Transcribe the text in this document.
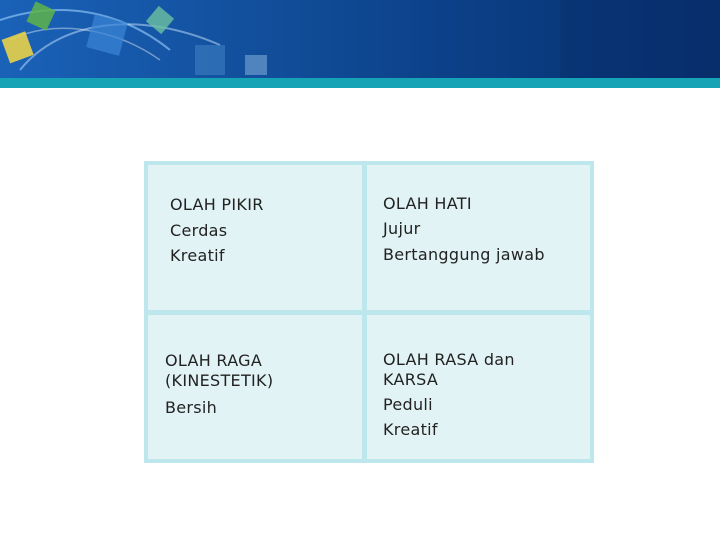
OLAH PIKIR
Cerdas
Kreatif
OLAH HATI
Jujur
Bertanggung jawab
OLAH RAGA
(KINESTETIK)
Bersih
OLAH RASA dan
KARSA
Peduli
Kreatif
